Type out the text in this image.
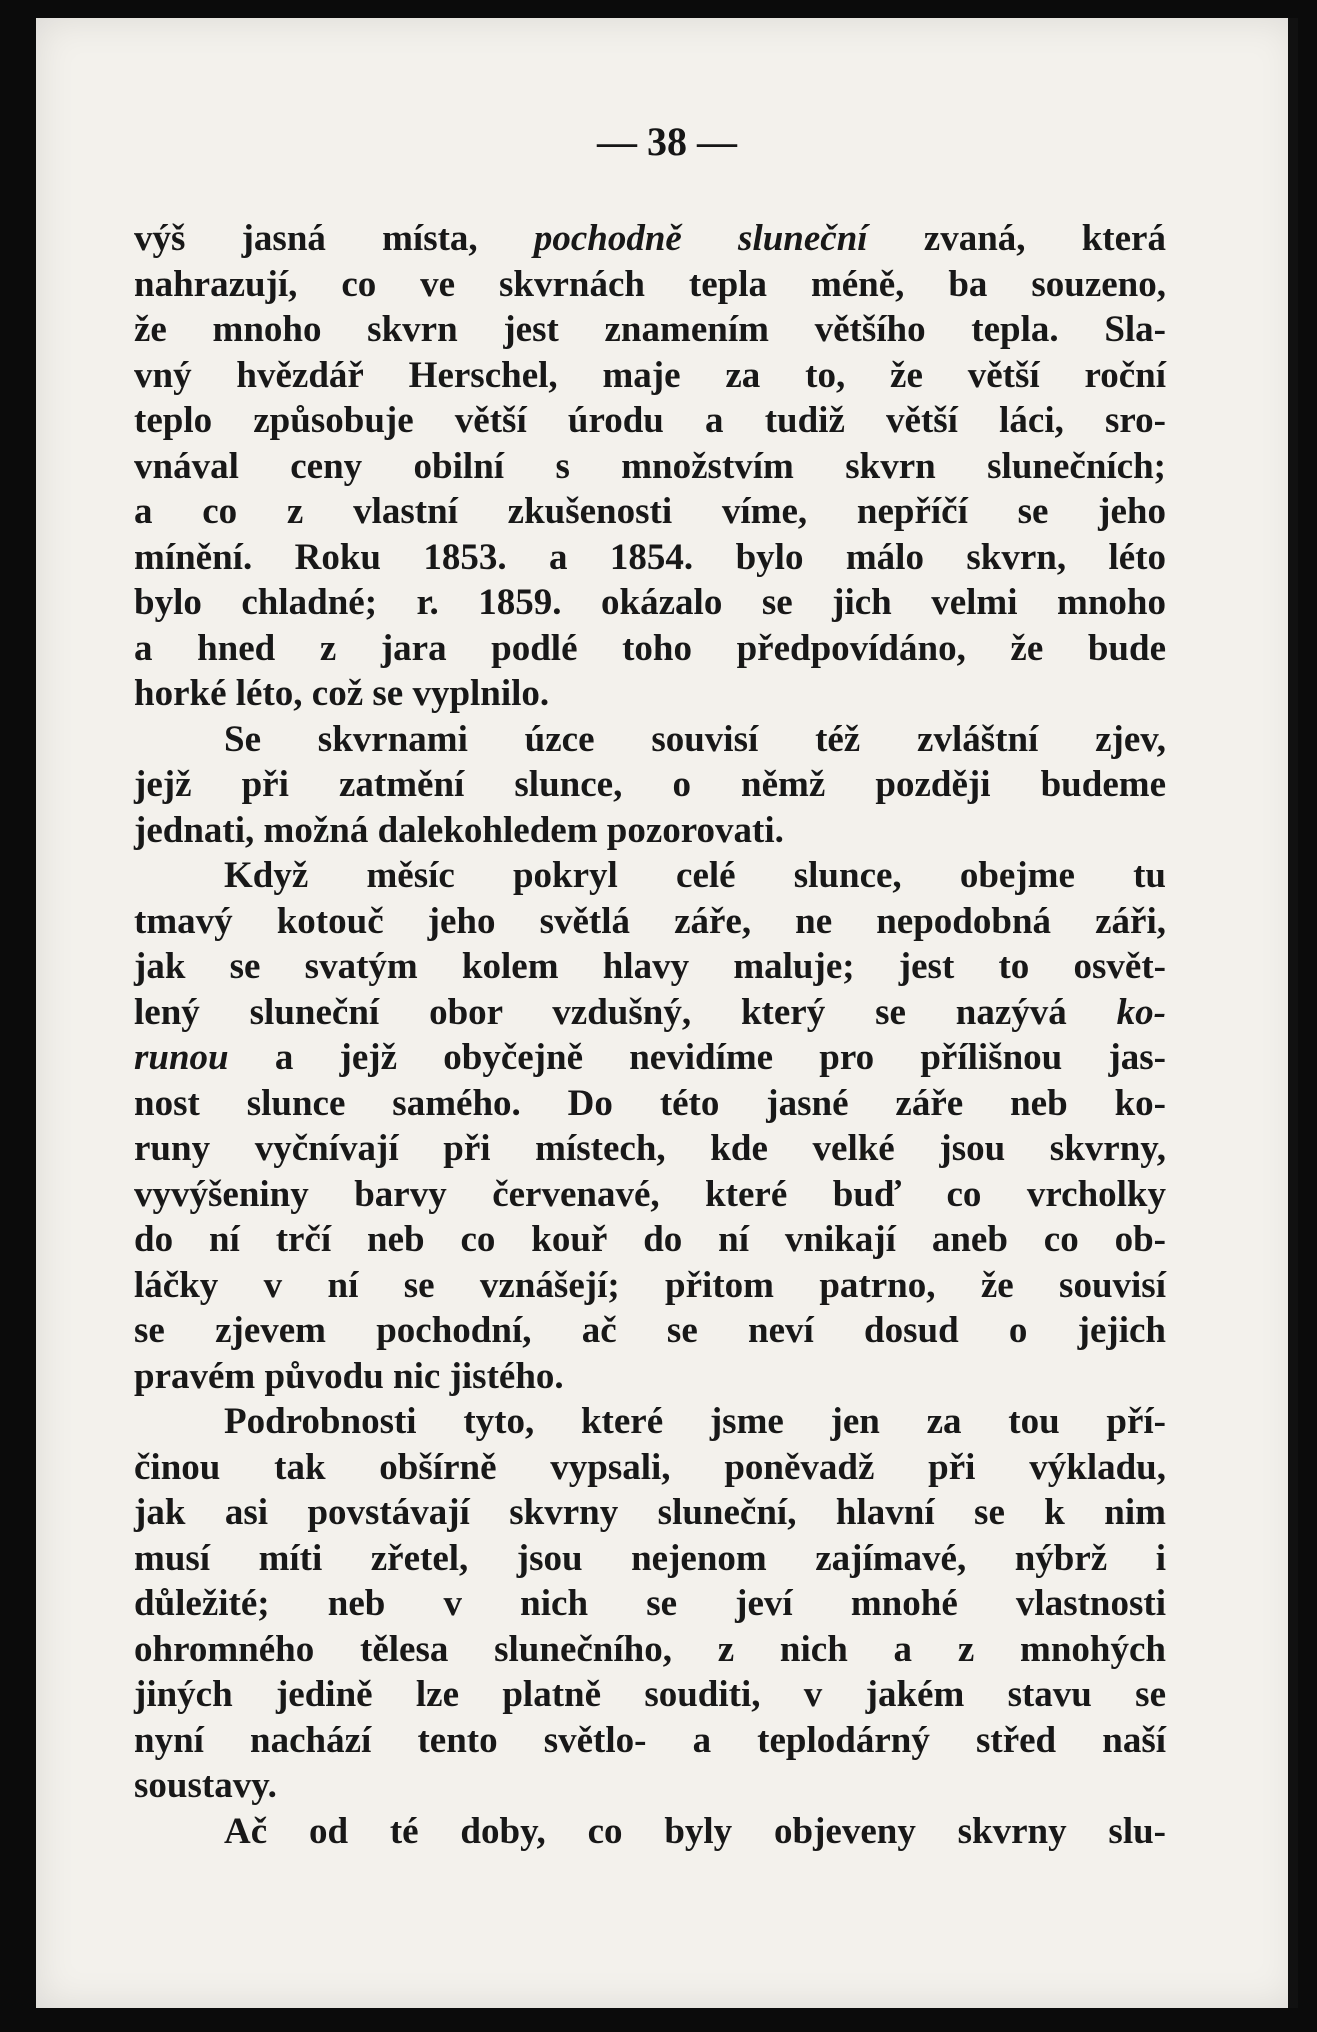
— 38 —
výš jasná místa, pochodně sluneční zvaná, která
nahrazují, co ve skvrnách tepla méně, ba souzeno,
že mnoho skvrn jest znamením většího tepla. Sla-
vný hvězdář Herschel, maje za to, že větší roční
teplo způsobuje větší úrodu a tudiž větší láci, sro-
vnával ceny obilní s množstvím skvrn slunečních;
a co z vlastní zkušenosti víme, nepříčí se jeho
mínění. Roku 1853. a 1854. bylo málo skvrn, léto
bylo chladné; r. 1859. okázalo se jich velmi mnoho
a hned z jara podlé toho předpovídáno, že bude
horké léto, což se vyplnilo.
Se skvrnami úzce souvisí též zvláštní zjev,
jejž při zatmění slunce, o němž později budeme
jednati, možná dalekohledem pozorovati.
Když měsíc pokryl celé slunce, obejme tu
tmavý kotouč jeho světlá záře, ne nepodobná záři,
jak se svatým kolem hlavy maluje; jest to osvět-
lený sluneční obor vzdušný, který se nazývá ko-
runou a jejž obyčejně nevidíme pro přílišnou jas-
nost slunce samého. Do této jasné záře neb ko-
runy vyčnívají při místech, kde velké jsou skvrny,
vyvýšeniny barvy červenavé, které buď co vrcholky
do ní trčí neb co kouř do ní vnikají aneb co ob-
láčky v ní se vznášejí; přitom patrno, že souvisí
se zjevem pochodní, ač se neví dosud o jejich
pravém původu nic jistého.
Podrobnosti tyto, které jsme jen za tou pří-
činou tak obšírně vypsali, poněvadž při výkladu,
jak asi povstávají skvrny sluneční, hlavní se k nim
musí míti zřetel, jsou nejenom zajímavé, nýbrž i
důležité; neb v nich se jeví mnohé vlastnosti
ohromného tělesa slunečního, z nich a z mnohých
jiných jedině lze platně souditi, v jakém stavu se
nyní nachází tento světlo- a teplodárný střed naší
soustavy.
Ač od té doby, co byly objeveny skvrny slu-
